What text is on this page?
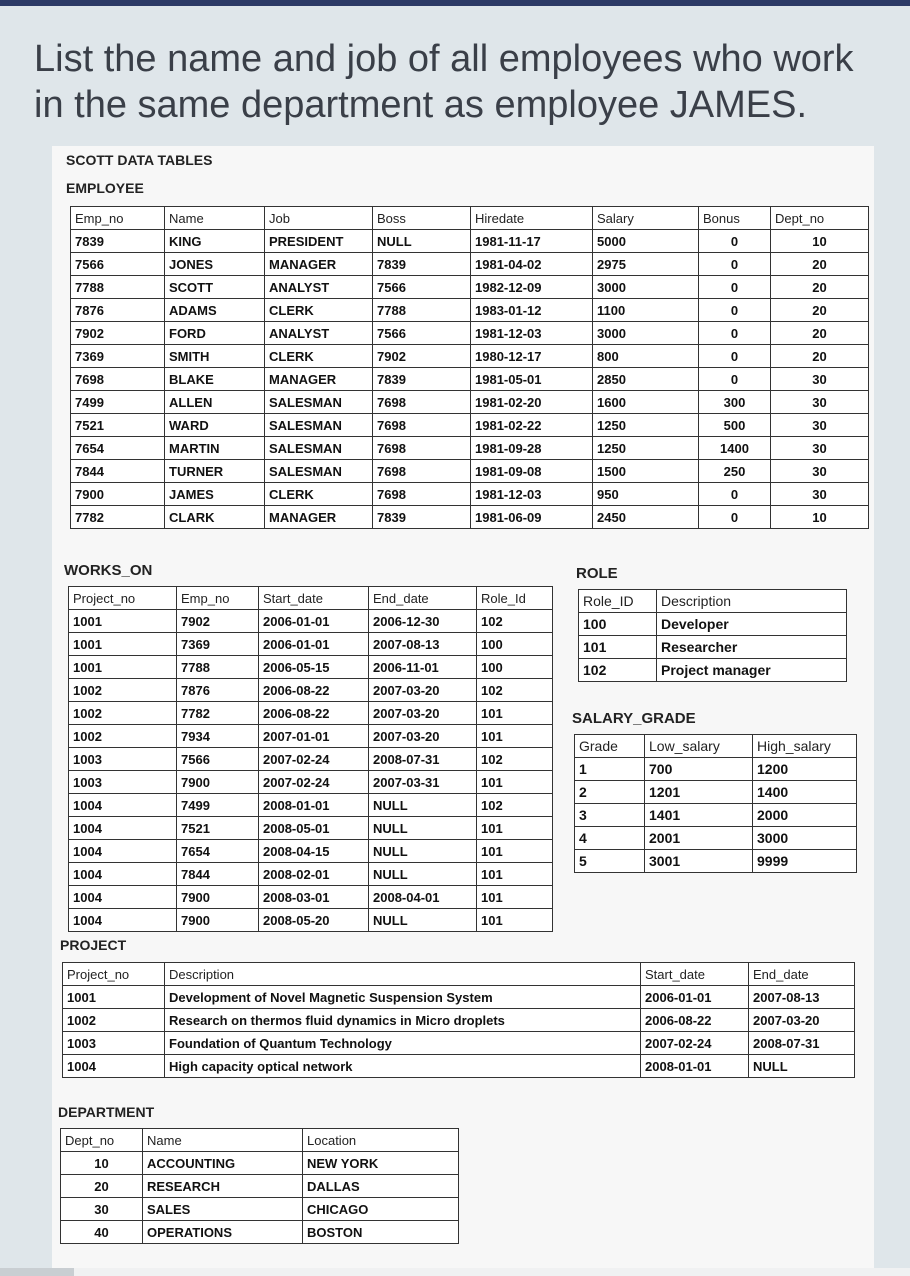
List the name and job of all employees who work in the same department as employee JAMES.
SCOTT DATA TABLES
EMPLOYEE
Emp_no	Name	Job	Boss	Hiredate	Salary	Bonus	Dept_no
7839	KING	PRESIDENT	NULL	1981-11-17	5000	0	10
7566	JONES	MANAGER	7839	1981-04-02	2975	0	20
7788	SCOTT	ANALYST	7566	1982-12-09	3000	0	20
7876	ADAMS	CLERK	7788	1983-01-12	1100	0	20
7902	FORD	ANALYST	7566	1981-12-03	3000	0	20
7369	SMITH	CLERK	7902	1980-12-17	800	0	20
7698	BLAKE	MANAGER	7839	1981-05-01	2850	0	30
7499	ALLEN	SALESMAN	7698	1981-02-20	1600	300	30
7521	WARD	SALESMAN	7698	1981-02-22	1250	500	30
7654	MARTIN	SALESMAN	7698	1981-09-28	1250	1400	30
7844	TURNER	SALESMAN	7698	1981-09-08	1500	250	30
7900	JAMES	CLERK	7698	1981-12-03	950	0	30
7782	CLARK	MANAGER	7839	1981-06-09	2450	0	10
WORKS_ON
Project_no	Emp_no	Start_date	End_date	Role_Id
1001	7902	2006-01-01	2006-12-30	102
1001	7369	2006-01-01	2007-08-13	100
1001	7788	2006-05-15	2006-11-01	100
1002	7876	2006-08-22	2007-03-20	102
1002	7782	2006-08-22	2007-03-20	101
1002	7934	2007-01-01	2007-03-20	101
1003	7566	2007-02-24	2008-07-31	102
1003	7900	2007-02-24	2007-03-31	101
1004	7499	2008-01-01	NULL	102
1004	7521	2008-05-01	NULL	101
1004	7654	2008-04-15	NULL	101
1004	7844	2008-02-01	NULL	101
1004	7900	2008-03-01	2008-04-01	101
1004	7900	2008-05-20	NULL	101
ROLE
Role_ID	Description
100	Developer
101	Researcher
102	Project manager
SALARY_GRADE
Grade	Low_salary	High_salary
1	700	1200
2	1201	1400
3	1401	2000
4	2001	3000
5	3001	9999
PROJECT
Project_no	Description	Start_date	End_date
1001	Development of Novel Magnetic Suspension System	2006-01-01	2007-08-13
1002	Research on thermos fluid dynamics in Micro droplets	2006-08-22	2007-03-20
1003	Foundation of Quantum Technology	2007-02-24	2008-07-31
1004	High capacity optical network	2008-01-01	NULL
DEPARTMENT
Dept_no	Name	Location
10	ACCOUNTING	NEW YORK
20	RESEARCH	DALLAS
30	SALES	CHICAGO
40	OPERATIONS	BOSTON
